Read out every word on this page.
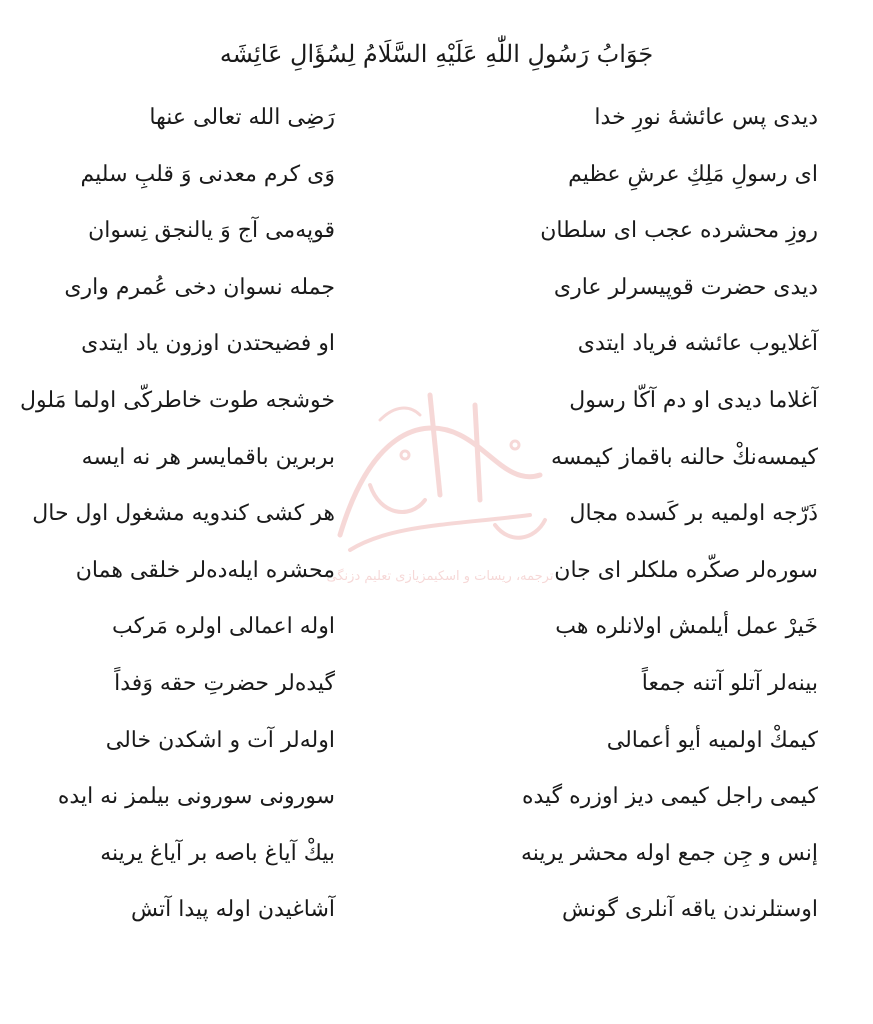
جَوَابُ رَسُولِ اللّٰهِ عَلَيْهِ السَّلَامُ لِسُؤَالِ عَائِشَه
دیدی پس عائشهٔ نورِ خدا
رَضِی الله تعالی عنها
ای رسولِ مَلِكِ عرشِ عظیم
وَی کرم معدنی وَ قلبِ سلیم
روزِ محشرده عجب ای سلطان
قوپه‌می آج وَ یالنجق نِسوان
دیدی حضرت قوپیسرلر عاری
جمله نسوان دخی عُمرم واری
آغلایوب عائشه فریاد ایتدی
او فضیحتدن اوزون یاد ایتدی
آغلاما دیدی او دم آکّا رسول
خوشجه طوت خاطرکّی اولما مَلول
کیمسه‌نكْ حالنه باقماز کیمسه
بربرین باقمایسر هر نه ایسه
ذَرّجه اولمیه بر کَسده مجال
هر کشی کندویه مشغول اول حال
سوره‌لر صکّره ملکلر ای جان
محشره ایله‌ده‌لر خلقی همان
خَیرْ عمل أیلمش اولانلره هب
اوله اعمالی اولره مَرکب
بینه‌لر آتلو آتنه جمعاً
گیده‌لر حضرتِ حقه وَفداً
کیمكْ اولمیه أیو أعمالی
اوله‌لر آت و اشکدن خالی
کیمی راجل کیمی دیز اوزره گیده
سورونی سورونی بیلمز نه ایده
إنس و جِن جمع اوله محشر یرینه
بیكْ آیاغ باصه بر آیاغ یرینه
اوستلرندن یاقه آنلری گونش
آشاغیدن اوله پیدا آتش
ترجمه، ریسات و اسکیمزیازی تعلیم دزنگی
